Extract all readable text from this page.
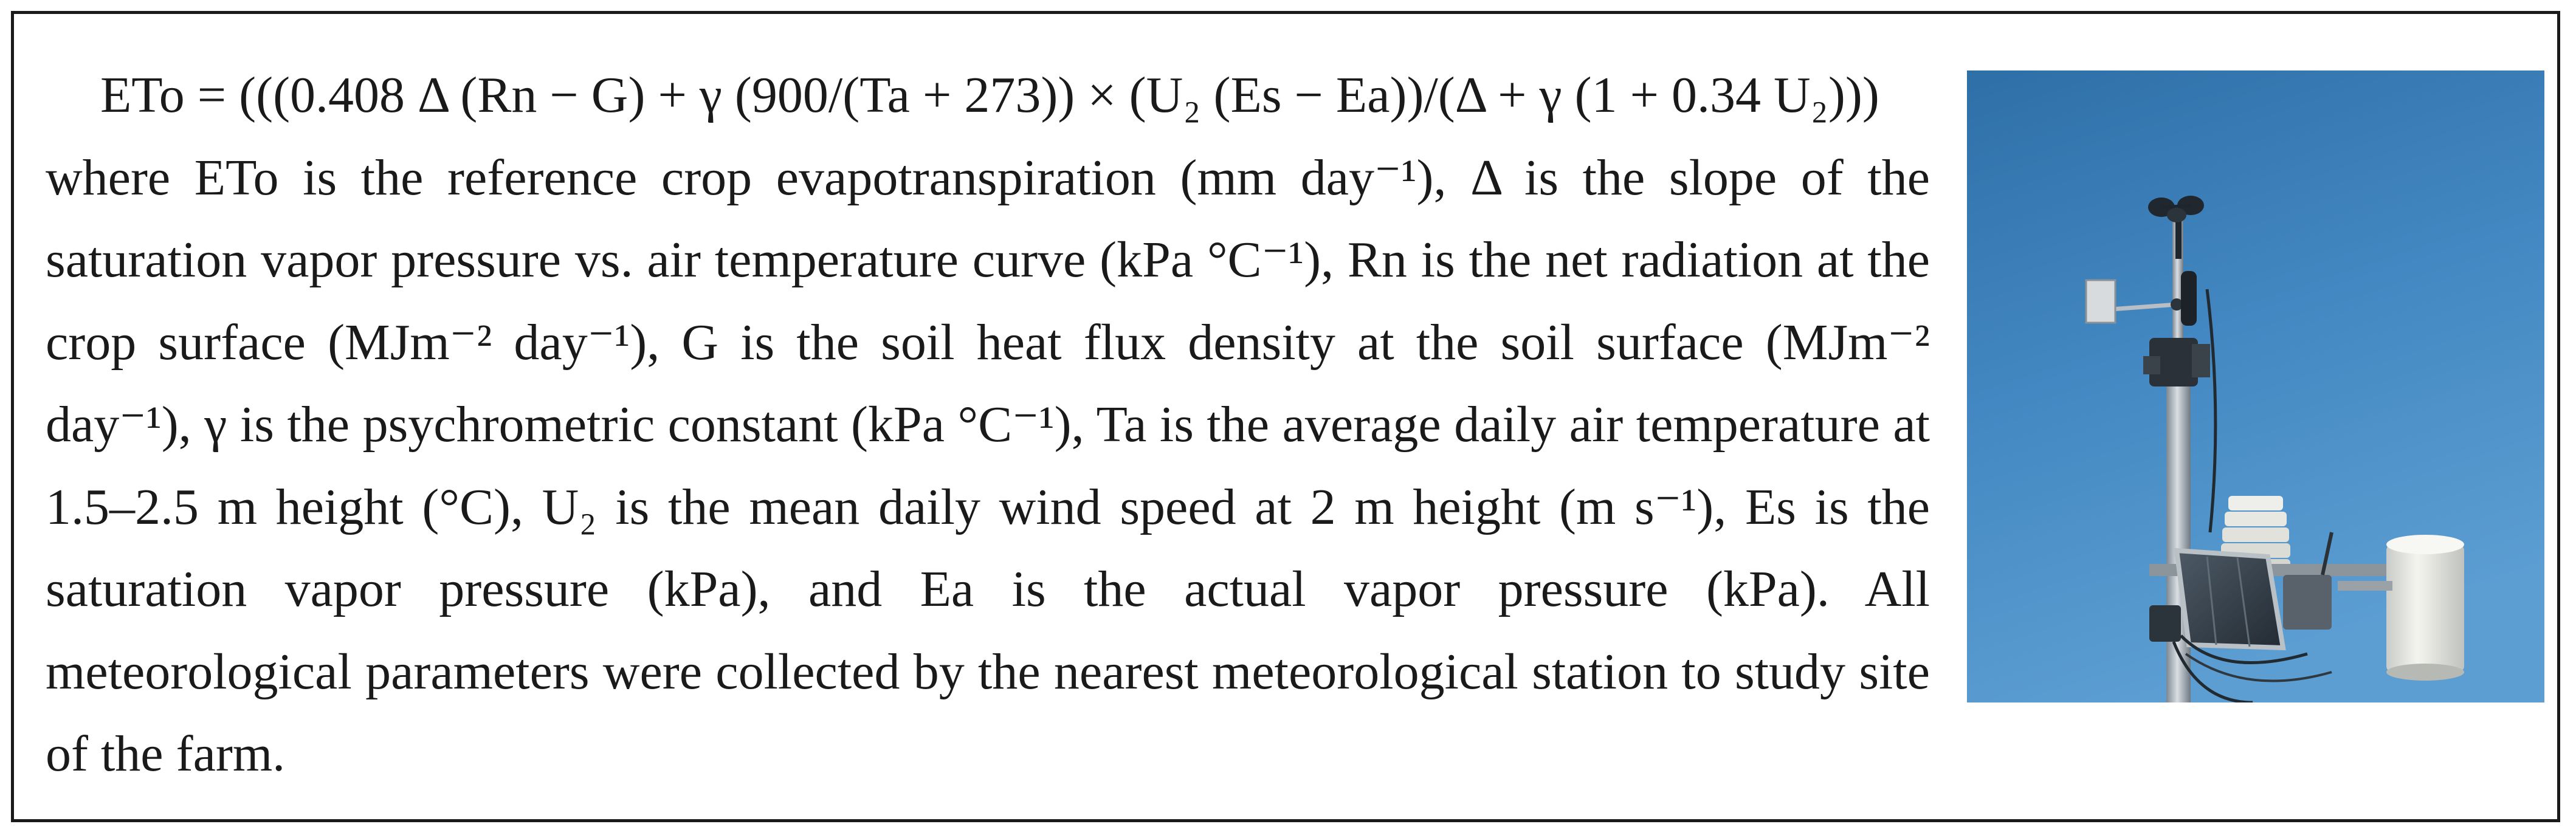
ETo = (((0.408 Δ (Rn − G) + γ (900/(Ta + 273)) × (U₂ (Es − Ea))/(Δ + γ (1 + 0.34 U₂)))

where ETo is the reference crop evapotranspiration (mm day⁻¹), Δ is the slope of the saturation vapor pressure vs. air temperature curve (kPa °C⁻¹), Rn is the net radiation at the crop surface (MJm⁻² day⁻¹), G is the soil heat flux density at the soil surface (MJm⁻² day⁻¹), γ is the psychrometric constant (kPa °C⁻¹), Ta is the average daily air temperature at 1.5–2.5 m height (°C), U₂ is the mean daily wind speed at 2 m height (m s⁻¹), Es is the saturation vapor pressure (kPa), and Ea is the actual vapor pressure (kPa). All meteorological parameters were collected by the nearest meteorological station to study site of the farm.
